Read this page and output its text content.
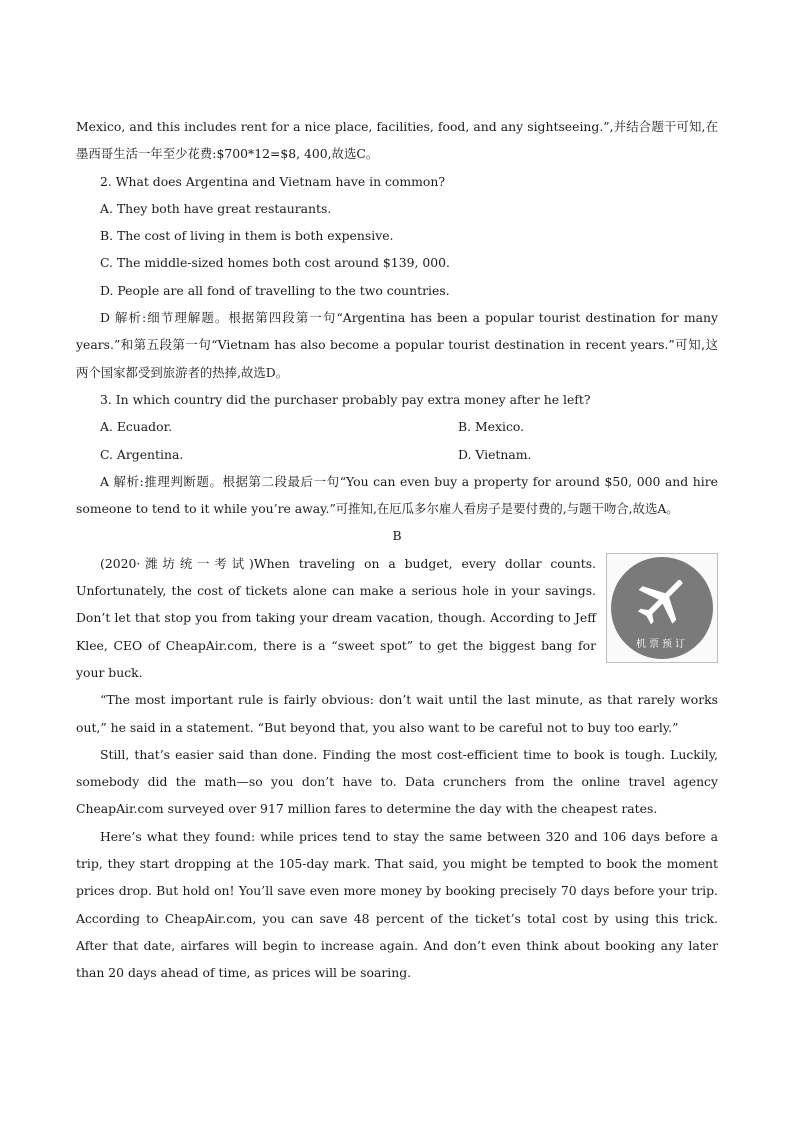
Mexico, and this includes rent for a nice place, facilities, food, and any sightseeing.”,并结合题干可知,在墨西哥生活一年至少花费:$700*12=$8, 400,故选C。

2. What does Argentina and Vietnam have in common?

A. They both have great restaurants.

B. The cost of living in them is both expensive.

C. The middle-sized homes both cost around $139, 000.

D. People are all fond of travelling to the two countries.

D 解析:细节理解题。根据第四段第一句“Argentina has been a popular tourist destination for many years.”和第五段第一句“Vietnam has also become a popular tourist destination in recent years.”可知,这两个国家都受到旅游者的热捧,故选D。

3. In which country did the purchaser probably pay extra money after he left?

A. Ecuador.	B. Mexico.
C. Argentina.	D. Vietnam.

A 解析:推理判断题。根据第二段最后一句“You can even buy a property for around $50, 000 and hire someone to tend to it while you’re away.”可推知,在厄瓜多尔雇人看房子是要付费的,与题干吻合,故选A。

B

机票预订

(2020·潍坊统一考试)When traveling on a budget, every dollar counts. Unfortunately, the cost of tickets alone can make a serious hole in your savings. Don’t let that stop you from taking your dream vacation, though. According to Jeff Klee, CEO of CheapAir.com, there is a “sweet spot” to get the biggest bang for your buck.

“The most important rule is fairly obvious: don’t wait until the last minute, as that rarely works out,” he said in a statement. “But beyond that, you also want to be careful not to buy too early.”

Still, that’s easier said than done. Finding the most cost-efficient time to book is tough. Luckily, somebody did the math—so you don’t have to. Data crunchers from the online travel agency CheapAir.com surveyed over 917 million fares to determine the day with the cheapest rates.

Here’s what they found: while prices tend to stay the same between 320 and 106 days before a trip, they start dropping at the 105-day mark. That said, you might be tempted to book the moment prices drop. But hold on! You’ll save even more money by booking precisely 70 days before your trip. According to CheapAir.com, you can save 48 percent of the ticket’s total cost by using this trick. After that date, airfares will begin to increase again. And don’t even think about booking any later than 20 days ahead of time, as prices will be soaring.
